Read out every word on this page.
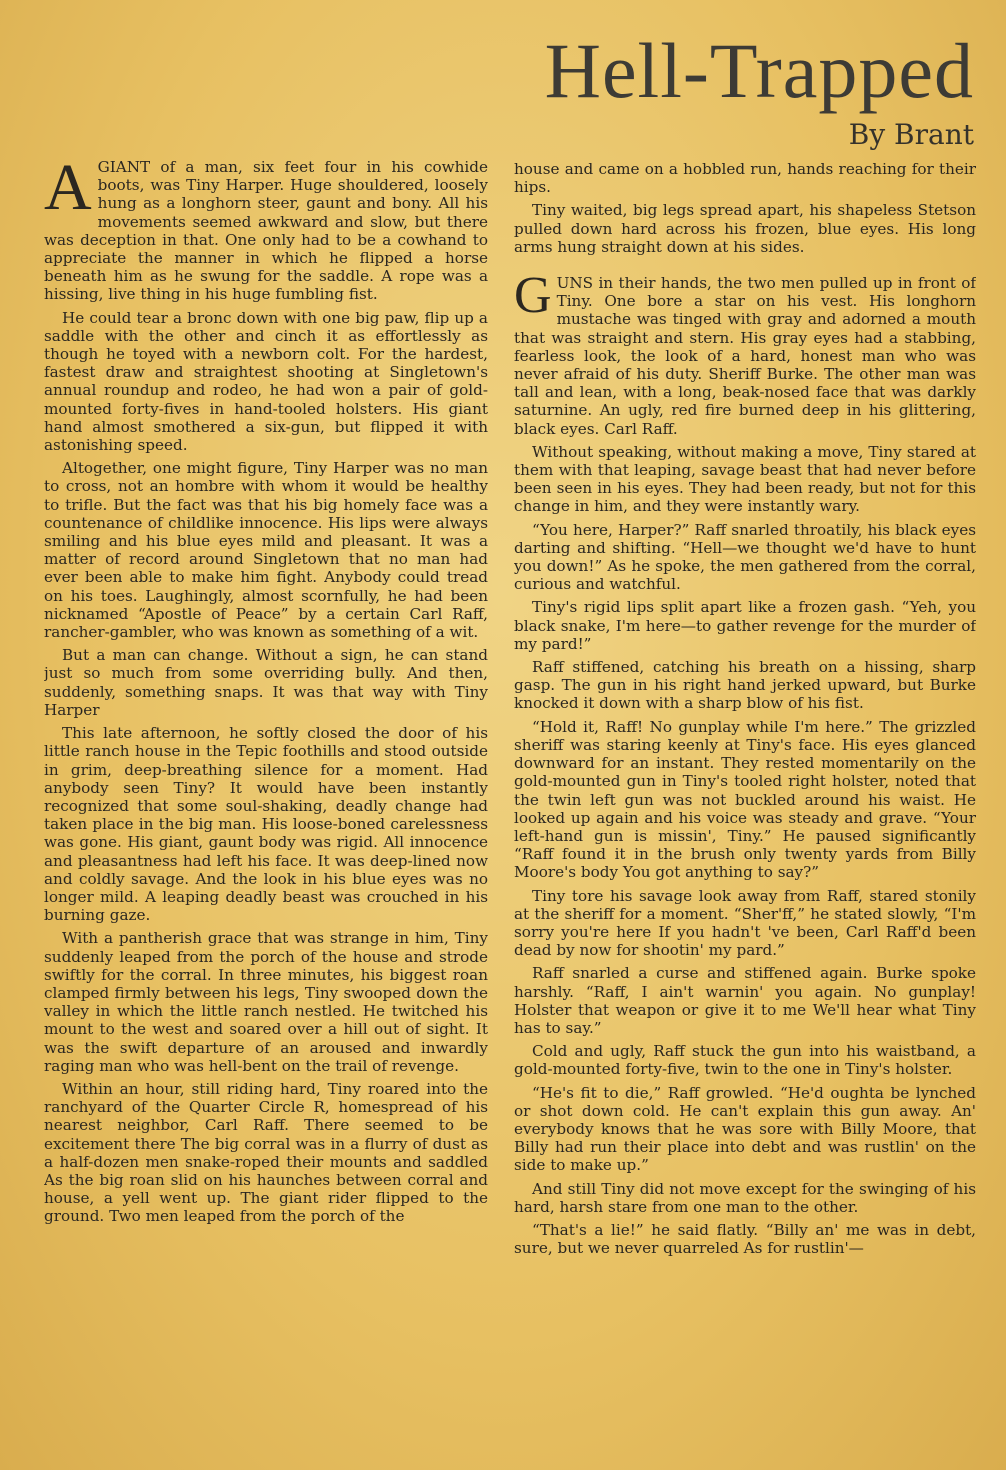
Hell-Trapped
By Brant

AGIANT of a man, six feet four in his cowhide boots, was Tiny Harper. Huge shouldered, loosely hung as a longhorn steer, gaunt and bony. All his movements seemed awkward and slow, but there was deception in that. One only had to be a cowhand to appreciate the manner in which he flipped a horse beneath him as he swung for the saddle. A rope was a hissing, live thing in his huge fumbling fist.

He could tear a bronc down with one big paw, flip up a saddle with the other and cinch it as effortlessly as though he toyed with a newborn colt. For the hardest, fastest draw and straightest shooting at Singletown's annual roundup and rodeo, he had won a pair of gold-mounted forty-fives in hand-tooled holsters. His giant hand almost smothered a six-gun, but flipped it with astonishing speed.

Altogether, one might figure, Tiny Harper was no man to cross, not an hombre with whom it would be healthy to trifle. But the fact was that his big homely face was a countenance of childlike innocence. His lips were always smiling and his blue eyes mild and pleasant. It was a matter of record around Singletown that no man had ever been able to make him fight. Anybody could tread on his toes. Laughingly, almost scornfully, he had been nicknamed “Apostle of Peace” by a certain Carl Raff, rancher-gambler, who was known as something of a wit.

But a man can change. Without a sign, he can stand just so much from some overriding bully. And then, suddenly, something snaps. It was that way with Tiny Harper

This late afternoon, he softly closed the door of his little ranch house in the Tepic foothills and stood outside in grim, deep-breathing silence for a moment. Had anybody seen Tiny? It would have been instantly recognized that some soul-shaking, deadly change had taken place in the big man. His loose-boned carelessness was gone. His giant, gaunt body was rigid. All innocence and pleasantness had left his face. It was deep-lined now and coldly savage. And the look in his blue eyes was no longer mild. A leaping deadly beast was crouched in his burning gaze.

With a pantherish grace that was strange in him, Tiny suddenly leaped from the porch of the house and strode swiftly for the corral. In three minutes, his biggest roan clamped firmly between his legs, Tiny swooped down the valley in which the little ranch nestled. He twitched his mount to the west and soared over a hill out of sight. It was the swift departure of an aroused and inwardly raging man who was hell-bent on the trail of revenge.

Within an hour, still riding hard, Tiny roared into the ranchyard of the Quarter Circle R, homespread of his nearest neighbor, Carl Raff. There seemed to be excitement there The big corral was in a flurry of dust as a half-dozen men snake-roped their mounts and saddled As the big roan slid on his haunches between corral and house, a yell went up. The giant rider flipped to the ground. Two men leaped from the porch of the

house and came on a hobbled run, hands reaching for their hips.

Tiny waited, big legs spread apart, his shapeless Stetson pulled down hard across his frozen, blue eyes. His long arms hung straight down at his sides.

GUNS in their hands, the two men pulled up in front of Tiny. One bore a star on his vest. His longhorn mustache was tinged with gray and adorned a mouth that was straight and stern. His gray eyes had a stabbing, fearless look, the look of a hard, honest man who was never afraid of his duty. Sheriff Burke. The other man was tall and lean, with a long, beak-nosed face that was darkly saturnine. An ugly, red fire burned deep in his glittering, black eyes. Carl Raff.

Without speaking, without making a move, Tiny stared at them with that leaping, savage beast that had never before been seen in his eyes. They had been ready, but not for this change in him, and they were instantly wary.

“You here, Harper?” Raff snarled throatily, his black eyes darting and shifting. “Hell—we thought we'd have to hunt you down!” As he spoke, the men gathered from the corral, curious and watchful.

Tiny's rigid lips split apart like a frozen gash. “Yeh, you black snake, I'm here—to gather revenge for the murder of my pard!”

Raff stiffened, catching his breath on a hissing, sharp gasp. The gun in his right hand jerked upward, but Burke knocked it down with a sharp blow of his fist.

“Hold it, Raff! No gunplay while I'm here.” The grizzled sheriff was staring keenly at Tiny's face. His eyes glanced downward for an instant. They rested momentarily on the gold-mounted gun in Tiny's tooled right holster, noted that the twin left gun was not buckled around his waist. He looked up again and his voice was steady and grave. “Your left-hand gun is missin', Tiny.” He paused significantly “Raff found it in the brush only twenty yards from Billy Moore's body You got anything to say?”

Tiny tore his savage look away from Raff, stared stonily at the sheriff for a moment. “Sher'ff,” he stated slowly, “I'm sorry you're here If you hadn't 've been, Carl Raff'd been dead by now for shootin' my pard.”

Raff snarled a curse and stiffened again. Burke spoke harshly. “Raff, I ain't warnin' you again. No gunplay! Holster that weapon or give it to me We'll hear what Tiny has to say.”

Cold and ugly, Raff stuck the gun into his waistband, a gold-mounted forty-five, twin to the one in Tiny's holster.

“He's fit to die,” Raff growled. “He'd oughta be lynched or shot down cold. He can't explain this gun away. An' everybody knows that he was sore with Billy Moore, that Billy had run their place into debt and was rustlin' on the side to make up.”

And still Tiny did not move except for the swinging of his hard, harsh stare from one man to the other.

“That's a lie!” he said flatly. “Billy an' me was in debt, sure, but we never quarreled As for rustlin'—
